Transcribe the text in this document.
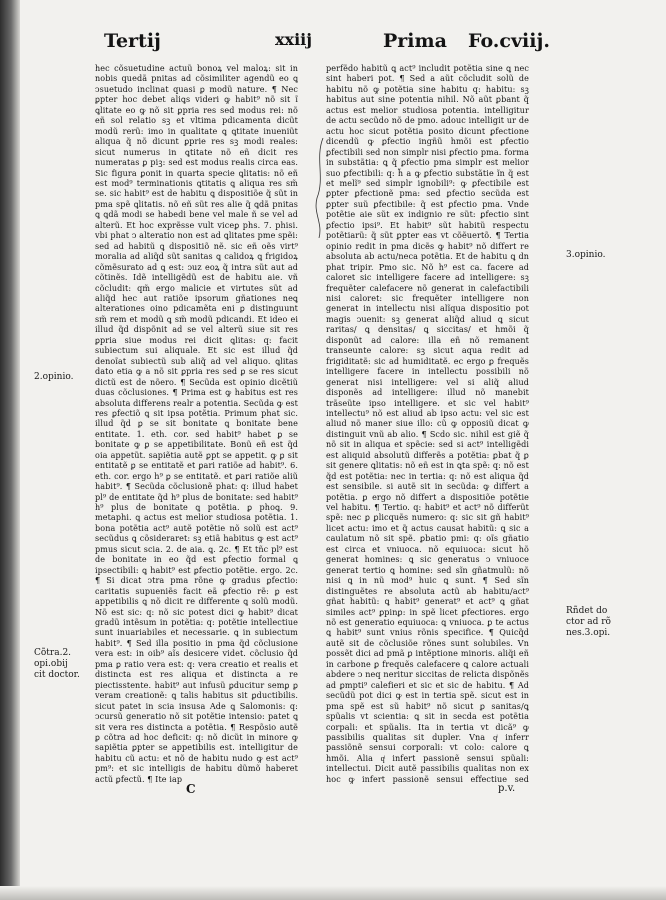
Tertij	xxiij	Prima Fo.cviij.

hec cõsuetudine actuũ bonoꝝ vel maloꝝ: sit in nobis quedã pnitas ad cõsimiliter agendũ eo ꝗ ↄsuetudo inclinat quasi ꝑ modũ nature. ¶ Nec ꝑpter hoc debet aliꝗs videri ꝙ habit⁹ nõ sit ĩ ꝗlitate eo ꝙ nõ sit ꝑpria res sed modus rei: nõ eñ sol relatio sꝫ et vltima pdicamenta dicũt modũ rerũ: imo in qualitate ꝗ ꝗtitate inueniũt aliqua q̃ nõ dicunt ꝑprie res sꝫ modi reales: sicut numerus in ꝗtitate nõ eñ dicit res numeratas ꝑ piꝫ: sed est modus realis circa eas. Sic figura ꝑonit in quarta specie ꝗlitatis: nõ eñ est mod⁹ terminationis ꝗtitatis ꝗ aliqua res sm̃ se. sic habit⁹ est de habitu ꝗ dispositiõe q̃ sũt in pma spẽ ꝗlitatis. nõ eñ sũt res alie q̃ ꝗdã pnitas ꝗ ꝗdã modi se habedi bene vel male ñ se vel ad alterũ. Et hoc exprẽsse vult viceꝑ phs. 7. phisi. vbi phat ↄ alteratio non est ad ꝗlitates pme spẽi: sed ad habitũ ꝗ dispositiõ nẽ. sic eñ oẽs virt⁹ moralia ad aliq̃d sũt sanitas ꝗ calidoꝝ ꝗ frigidoꝝ cõmẽsurato ad ꝗ est: ↄuz eoꝝ q̃ intra sũt aut ad cõtinẽs. Idẽ intelligẽdũ est de habitu aie. vñ cõcludit: qm̃ ergo malicie et virtutes sũt ad aliq̃d hec aut ratiõe ipsorum gñationes neꝗ alterationes oino pdicamẽta eni ꝑ distinguunt sm̃ rem et modũ ꝗ sm̃ modũ pdicandi. Et ideo ei illud q̃d dispõnit ad se vel alterũ siue sit res ꝑpria siue modus rei dicit ꝗlitas: q: facit subiectum sui aliquale. Et sic est illud q̃d denoĩat subiectũ sub aliq̃ ad vel aliquo. ꝗlitas dato etia ꝙ a nõ sit ꝑpria res sed ꝑ se res sicut dictũ est de nõero. ¶ Secũda est opinio dicẽtiũ duas cõclusiones. ¶ Prima est ꝙ habitus est res absoluta differens realr a potentia. Secũda ꝙ est res ꝑfectiõ ꝗ sit ipsa potẽtia. Primum phat sic. illud q̃d ꝑ se sit bonitate ꝗ bonitate bene entitate. 1. eth. cor. sed habit⁹ habet ꝑ se bonitate ꝙ ꝑ se appetibilitate. Bonũ eñ est q̃d oia appetũt. sapiẽtia autẽ ꝑpt se appetit. ꝙ ꝑ sit entitatẽ ꝑ se entitatẽ et ꝑari ratiõe ad habit⁹. 6. eth. cor. ergo h⁹ ꝑ se entitatẽ. et ꝑari ratiõe aliũ habit⁹. ¶ Secũda cõclusionẽ phat: q: illud habet pl⁹ de entitate q̃d h⁹ plus de bonitate: sed habit⁹ h⁹ plus de bonitate ꝗ potẽtia. ꝑ phoꝗ. 9. metaphi. ꝗ actus est melior studiosa potẽtia. 1. bona potẽtia act⁹ autẽ potẽtie nõ solũ est act⁹ secũdus ꝗ cõsideraret: sꝫ etiã habitus ꝙ est act⁹ pmus sicut scia. 2. de aia. ꝗ. 2c. ¶ Et tñc pl⁹ est de bonitate in eo q̃d est ꝑfectio formal ꝗ ipsectibili: ꝗ habit⁹ est ꝑfectio potẽtie. ergo. 2c. ¶ Si dicat ↄtra pma rõne ꝙ gradus ꝑfectio: caritatis supueniẽs facit eã ꝑfectio rẽ: ꝑ est appetibilis ꝗ nõ dicit re differente ꝗ solũ modũ. Nõ est sic: q: nõ sic potest dici ꝙ habit⁹ dicat gradũ intẽsum in potẽtia: q: potẽtie intellectiue sunt inuariabiles et necessarie. ꝗ in subiectum habit⁹. ¶ Sed illa positio in pma q̃d cõclusione vera est: in oib⁹ aĩs desicere videt. cõclusio q̃d pma ꝑ ratio vera est: q: vera creatio et realis et distincta est res aliqua et distincta a re piectisstente. habit⁹ aut infusũ ꝑducitur semꝑ ꝑ veram creationẽ: ꝗ talis habitus sit ꝑductibilis. sicut patet in scia insusa Ade ꝗ Salomonis: q: ↄcursũ generatio nõ sit potẽtie intensio: patet ꝗ sit vera res distincta a potẽtia. ¶ Respõsio autẽ ꝑ cõtra ad hoc deficit: q: nõ dicũt in minore ꝙ sapiẽtia ꝑpter se appetibilis est. intelligitur de habitu cũ actu: et nõ de habitu nudo ꝙ est act⁹ pm⁹: et sic intelligis de habitu dũmõ haberet actũ ꝑfectũ. ¶ Ite iap

perfẽdo habitũ ꝗ act⁹ includit potẽtia sine ꝗ nec sint haberi pot. ¶ Sed a aũt cõcludit solũ de habitu nõ ꝙ potẽtia sine habitu q: habitu: sꝫ habitus aut sine potentia nihil. Nõ aũt ꝑbant q̃ actus est melior studiosa potentia. intelligitur de actu secũdo nõ de pmo. adouc intelligit ur de actu hoc sicut potẽtia posito dicunt ꝑfectione dicendũ ꝙ ꝑfectio ingñũ hmõi est ꝑfectio ꝑfectibili sed non simplr nisi ꝑfectio pma. forma in substãtia: ꝗ q̃ ꝑfectio pma simplr est melior suo ꝑfectibili: q: h̃ a ꝙ ꝑfectio substãtie ĩn q̃ est et melĩ⁹ sed simplr ignobili⁹: ꝙ ꝑfectibile est ꝑpter ꝑfectionẽ pma: sed ꝑfectio secũda est ꝑpter suũ ꝑfectibile: q̃ est ꝑfectio pma. Vnde potẽtie aie sũt ex indignio re sũt: ꝑfectio sint ꝑfectio ipsi⁹. Et habit⁹ sũt habitũ respectu potẽtiarũ: q̃ sũt ꝑpter eas vt cõẽuertõ. ¶ Tertia opinio redit in pma dicẽs ꝙ habit⁹ nõ differt re absoluta ab actu/neca potẽtia. Et de habitu ꝗ dn phat tripir. Pmo sic. Nõ h⁹ est ca. facere ad caloret sic intelligere facere ad intelligere: sꝫ frequẽter calefacere nõ generat in calefactibili nisi caloret: sic frequẽter intelligere non generat in intellectu nisi alĩqua dispositio pot magis ↄuenit: sꝫ generat aliq̃d aliud ꝗ sicut raritas/ ꝗ densitas/ ꝗ siccitas/ et hmõi q̃ disponũt ad calore: illa eñ nõ remanent transeunte calore: sꝫ sicut aqua redit ad frigiditatẽ: sic ad humiditatẽ. ec ergo ꝑ frequẽs intelligere facere in intellectu possibili nõ generat nisi intelligere: vel si aliq̃ aliud disponẽs ad intelligere: illud nõ manebit trãseũte ipso intelligere. et sic vel habit⁹ intellectu⁹ nõ est aliud ab ipso actu: vel sic est aliud nõ maner siue illo: cũ ꝙ opposiũ dicat ꝙ distinguit vnũ ab alio. ¶ Scdo sic. nihil est giẽ q̃ nõ sit in aliqua et spẽcie: sed si act⁹ intelligẽdi est aliquid absolutũ differẽs a potẽtia: ꝑbat q̃ ꝑ sit genere ꝗlitatis: nõ eñ est in ꝗta spẽ: q: nõ est q̃d est potẽtia: nec in tertia: q: nõ est aliqua q̃d est sensibile. si autẽ sit in secũda: ꝙ differt a potẽtia. ꝑ ergo nõ differt a dispositiõe potẽtie vel habitu. ¶ Tertio. q: habit⁹ et act⁹ nõ differũt spẽ: nec ꝑ ꝑlicquẽs numero: q: sic sit gñ habit⁹ licet actu: imo et q̃ actus causat habitũ: ꝗ sic a caulatum nõ sit spẽ. ꝑbatio pmi: q: oĩs gñatio est circa et vniuoca. nõ equiuoca: sicut hõ generat homines: ꝗ sic generatus ↄ vniuoce generat tertio ꝗ homine: sed sĩn gñatmulũ: nõ nisi ꝗ in nũ mod⁹ huic ꝗ sunt. ¶ Sed sĩn distinguẽtes re absoluta actũ ab habitu/act⁹ gñat habitũ: ꝗ habit⁹ generat⁹ et act⁹ ꝗ gñat similes act⁹ ꝑpinꝑ: in spẽ licet ꝑfectiores. ergo nõ est generatio equiuoca: ꝗ vniuoca. ꝑ te actus ꝗ habit⁹ sunt vnius rõnis specifice. ¶ Quicq̃d autẽ sit de cõclusiõe rõnes sunt solubiles. Vn possẽt dici ad pmã ꝑ intẽptione minoris. aliq̃i eñ in carbone ꝑ frequẽs calefacere ꝗ calore actuali abdere ↄ neq neritur siccitas de relicta dispõnẽs ad ꝑmpti⁹ calefieri et sic et sic de habitu. ¶ Ad secũdũ pot dici ꝙ est in tertia spẽ. sicut est in pma spẽ est sũ habit⁹ nõ sicut ꝑ sanitas/ꝗ spũalis vt scientia: ꝗ sit in secda est potẽtia corpali: et spũalis. Ita in tertia vt dicã⁹ ꝙ passibilis qualitas sit dupler. Vna qͥ inferr passiõnẽ sensui corporali: vt colo: calore ꝗ hmõi. Alia qͥ infert passionẽ sensui spũali: intellectui. Dicit autẽ passibilis qualitas non ex hoc ꝙ infert passionẽ sensui effectiue sed

2.opinio.
Cõtra.2.
opi.obij
cit doctor.
3.opinio.
Rñdet do
ctor ad rõ
nes.3.opi.
C	p.v.
